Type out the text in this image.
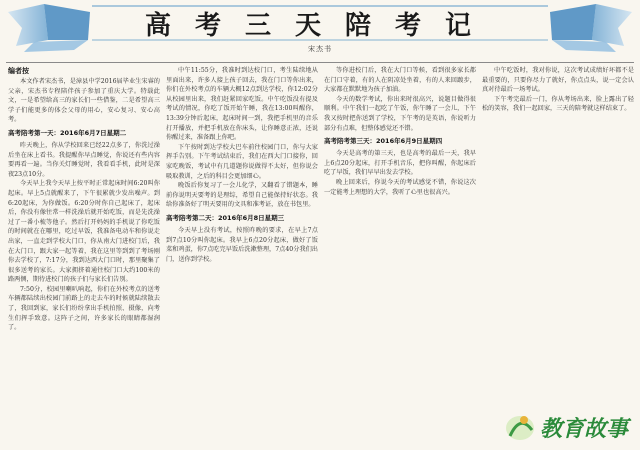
高考三天陪考记
宋杰书

编者按

本文作者宋杰书，是漳县中学2016届毕业生宋睿的父亲，宋杰书专程陪伴孩子参加了重庆大学。特载此文，一是希望给高三的家长们一些借鉴，二是希望高三学子们能更多的体会父母的用心，安心复习、安心高考。

高考陪考第一天：2016年6月7日星期二

昨天晚上，你从学校回来已经22点多了，你洗过澡后坐在床上看书。我提醒你早点睡觉，你说还有些内容要再看一遍。当你关灯睡觉时，我看看手机，此时是深夜23点10分。

今天早上我令天早上按平时正常起床时间6:20叫你起床。早上5点就醒来了，下午很累就少发出噪声。到6:20起床，为你做饭。6:20分时你自己起床了，起床后，你没有像往常一样洗澡后就开始吃饭，而是先洗澡过了一番小梳等他子。然后打开妈妈的手机说了你吃饭的时间就在在哪里，吃过早饭，我准备电动车和你说走出家，一直走到学校大门口，你从南大门进校门后，我在大门口，跟大家一起等着，我在这里等到到了考场刚你去学校了，7:17分，我到达西大门口时，那里聚集了很多送考的家长。大家拥挤着通往校门口大约100米的路两侧，期待进校门的孩子们与家长们告别。

7:50分，校园里喇叭响起，你们在外校考点的送考车辆都陆续出校园门前路上的走去车的时候就陆续散去了，我回到家，家长们纷纷拿出手机拍照、摄像，向考生们挥手致意。这阵子之间，许多家长的眼睛都湿润了。

中午11:55分，我准时到达校门口，考生陆续地从里面出来，许多人接上孩子回去，我在门口等你出来，你们在外校考点的车辆大概12点到达学校，你12:02分从校园里出来，我们赶紧回家吃饭。中午吃饭没有提及考试的情况，你吃了饭开始午睡，我在13:00叫醒你，13:39分钟后起床，起床时间一到，我把手机里的音乐打开播放，并把手机放在你床头，让你睡意正浓，还说你醒过来，准备跟上你吧。

下午按时到达学校大巴车前往校园门口，你与大家挥手告别。下午考试结束后，我们在西大门口接你，回家吃晚饭，考试中有几道题你说做得不太好，但你说会吸取教训，之后的科目会更加细心。

晚饭后你复习了一会儿化学，又翻看了错题本，睡前你说明天要考的是理综，希望自己能保持好状态。我给你准备好了明天要用的文具和准考证，放在书包里。

高考陪考第二天：2016年6月8日星期三

今天早上没有考试，按照昨晚的要求，在早上7点到7点10分叫你起床。我早上6点20分起床，做好了饭菜和鸡蛋，你7点吃完早饭后洗漱整理，7点40分我们出门，送你到学校。

等你进校门后，我在大门口等候，看到很多家长都在门口守着，有的人在阴凉处坐着，有的人来回踱步，大家都在默默地为孩子加油。

今天的数学考试，你出来时很高兴，说题目做得很顺利。中午我们一起吃了午饭，你午睡了一会儿，下午我又按时把你送到了学校，下午考的是英语，你说听力部分有点难，但整体感觉还不错。

高考陪考第三天：2016年6月9日星期四

今天是高考的第三天，也是高考的最后一天，我早上6点20分起床，打开手机音乐，把你叫醒，你起床后吃了早饭，我们早早出发去学校。

晚上回来后，你说今天的考试感觉不错，你说这次一定能考上理想的大学，我听了心里也很高兴。

中午吃饭时，我对你说，这次考试成绩好坏都不是最重要的，只要你尽力了就好，你点点头，说一定会认真对待最后一场考试。

下午考完最后一门，你从考场出来，脸上露出了轻松的笑容，我们一起回家，三天的陪考就这样结束了。

教育故事
